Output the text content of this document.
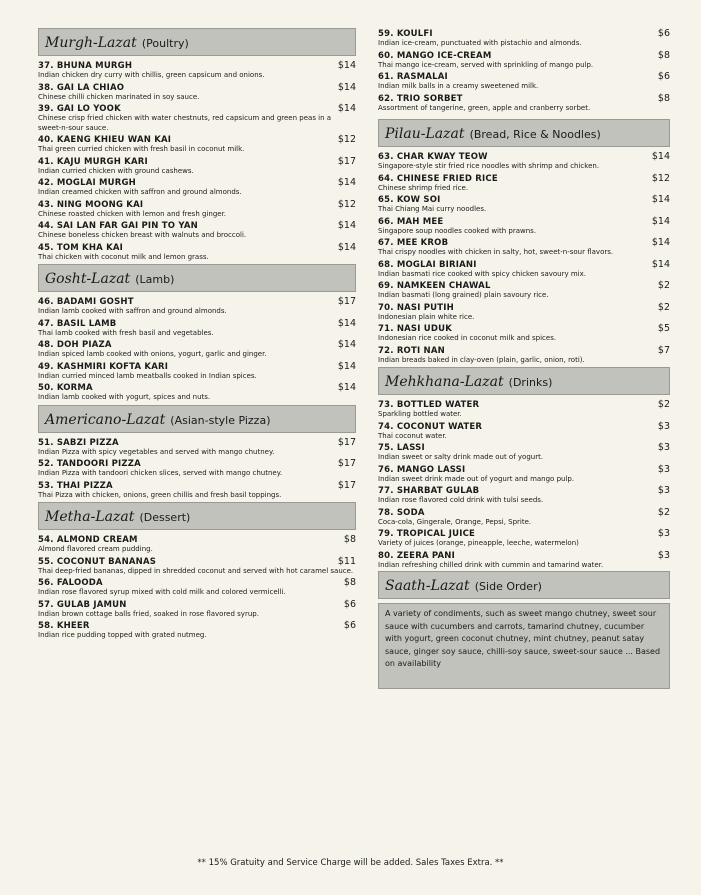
Murgh-Lazat (Poultry)
37. BHUNA MURGH	$14
Indian chicken dry curry with chillis, green capsicum and onions.
38. GAI LA CHIAO	$14
Chinese chilli chicken marinated in soy sauce.
39. GAI LO YOOK	$14
Chinese crisp fried chicken with water chestnuts, red capsicum and green peas in a sweet-n-sour sauce.
40. KAENG KHIEU WAN KAI	$12
Thai green curried chicken with fresh basil in coconut milk.
41. KAJU MURGH KARI	$17
Indian curried chicken with ground cashews.
42. MOGLAI MURGH	$14
Indian creamed chicken with saffron and ground almonds.
43. NING MOONG KAI	$12
Chinese roasted chicken with lemon and fresh ginger.
44. SAI LAN FAR GAI PIN TO YAN	$14
Chinese boneless chicken breast with walnuts and broccoli.
45. TOM KHA KAI	$14
Thai chicken with coconut milk and lemon grass.
Gosht-Lazat (Lamb)
46. BADAMI GOSHT	$17
Indian lamb cooked with saffron and ground almonds.
47. BASIL LAMB	$14
Thai lamb cooked with fresh basil and vegetables.
48. DOH PIAZA	$14
Indian spiced lamb cooked with onions, yogurt, garlic and ginger.
49. KASHMIRI KOFTA KARI	$14
Indian curried minced lamb meatballs cooked in Indian spices.
50. KORMA	$14
Indian lamb cooked with yogurt, spices and nuts.
Americano-Lazat (Asian-style Pizza)
51. SABZI PIZZA	$17
Indian Pizza with spicy vegetables and served with mango chutney.
52. TANDOORI PIZZA	$17
Indian Pizza with tandoori chicken slices, served with mango chutney.
53. THAI PIZZA	$17
Thai Pizza with chicken, onions, green chillis and fresh basil toppings.
Metha-Lazat (Dessert)
54. ALMOND CREAM	$8
Almond flavored cream pudding.
55. COCONUT BANANAS	$11
Thai deep-fried bananas, dipped in shredded coconut and served with hot caramel sauce.
56. FALOODA	$8
Indian rose flavored syrup mixed with cold milk and colored vermicelli.
57. GULAB JAMUN	$6
Indian brown cottage balls fried, soaked in rose flavored syrup.
58. KHEER	$6
Indian rice pudding topped with grated nutmeg.
59. KOULFI	$6
Indian ice-cream, punctuated with pistachio and almonds.
60. MANGO ICE-CREAM	$8
Thai mango ice-cream, served with sprinkling of mango pulp.
61. RASMALAI	$6
Indian milk balls in a creamy sweetened milk.
62. TRIO SORBET	$8
Assortment of tangerine, green, apple and cranberry sorbet.
Pilau-Lazat (Bread, Rice & Noodles)
63. CHAR KWAY TEOW	$14
Singapore-style stir fried rice noodles with shrimp and chicken.
64. CHINESE FRIED RICE	$12
Chinese shrimp fried rice.
65. KOW SOI	$14
Thai Chiang Mai curry noodles.
66. MAH MEE	$14
Singapore soup noodles cooked with prawns.
67. MEE KROB	$14
Thai crispy noodles with chicken in salty, hot, sweet-n-sour flavors.
68. MOGLAI BIRIANI	$14
Indian basmati rice cooked with spicy chicken savoury mix.
69. NAMKEEN CHAWAL	$2
Indian basmati (long grained) plain savoury rice.
70. NASI PUTIH	$2
Indonesian plain white rice.
71. NASI UDUK	$5
Indonesian rice cooked in coconut milk and spices.
72. ROTI NAN	$7
Indian breads baked in clay-oven (plain, garlic, onion, roti).
Mehkhana-Lazat (Drinks)
73. BOTTLED WATER	$2
Sparkling bottled water.
74. COCONUT WATER	$3
Thai coconut water.
75. LASSI	$3
Indian sweet or salty drink made out of yogurt.
76. MANGO LASSI	$3
Indian sweet drink made out of yogurt and mango pulp.
77. SHARBAT GULAB	$3
Indian rose flavored cold drink with tulsi seeds.
78. SODA	$2
Coca-cola, Gingerale, Orange, Pepsi, Sprite.
79. TROPICAL JUICE	$3
Variety of juices (orange, pineapple, leeche, watermelon)
80. ZEERA PANI	$3
Indian refreshing chilled drink with cummin and tamarind water.
Saath-Lazat (Side Order)
A variety of condiments, such as sweet mango chutney, sweet sour sauce with cucumbers and carrots, tamarind chutney, cucumber with yogurt, green coconut chutney, mint chutney, peanut satay sauce, ginger soy sauce, chilli-soy sauce, sweet-sour sauce ... Based on availability
** 15% Gratuity and Service Charge will be added. Sales Taxes Extra. **
